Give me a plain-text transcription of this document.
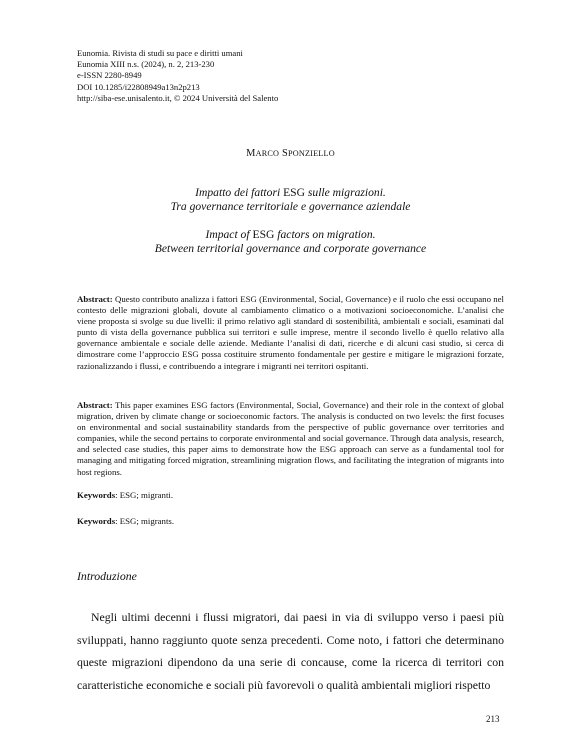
Eunomia. Rivista di studi su pace e diritti umani
Eunomia XIII n.s. (2024), n. 2, 213-230
e-ISSN 2280-8949
DOI 10.1285/i22808949a13n2p213
http://siba-ese.unisalento.it, © 2024 Università del Salento
MARCO SPONZIELLO
Impatto dei fattori ESG sulle migrazioni.
Tra governance territoriale e governance aziendale
Impact of ESG factors on migration.
Between territorial governance and corporate governance
Abstract: Questo contributo analizza i fattori ESG (Environmental, Social, Governance) e il ruolo che essi occupano nel contesto delle migrazioni globali, dovute al cambiamento climatico o a motivazioni socioeconomiche. L’analisi che viene proposta si svolge su due livelli: il primo relativo agli standard di sostenibilità, ambientali e sociali, esaminati dal punto di vista della governance pubblica sui territori e sulle imprese, mentre il secondo livello è quello relativo alla governance ambientale e sociale delle aziende. Mediante l’analisi di dati, ricerche e di alcuni casi studio, si cerca di dimostrare come l’approccio ESG possa costituire strumento fondamentale per gestire e mitigare le migrazioni forzate, razionalizzando i flussi, e contribuendo a integrare i migranti nei territori ospitanti.
Abstract: This paper examines ESG factors (Environmental, Social, Governance) and their role in the context of global migration, driven by climate change or socioeconomic factors. The analysis is conducted on two levels: the first focuses on environmental and social sustainability standards from the perspective of public governance over territories and companies, while the second pertains to corporate environmental and social governance. Through data analysis, research, and selected case studies, this paper aims to demonstrate how the ESG approach can serve as a fundamental tool for managing and mitigating forced migration, streamlining migration flows, and facilitating the integration of migrants into host regions.
Keywords: ESG; migranti.
Keywords: ESG; migrants.
Introduzione
Negli ultimi decenni i flussi migratori, dai paesi in via di sviluppo verso i paesi più sviluppati, hanno raggiunto quote senza precedenti. Come noto, i fattori che determinano queste migrazioni dipendono da una serie di concause, come la ricerca di territori con caratteristiche economiche e sociali più favorevoli o qualità ambientali migliori rispetto
213
